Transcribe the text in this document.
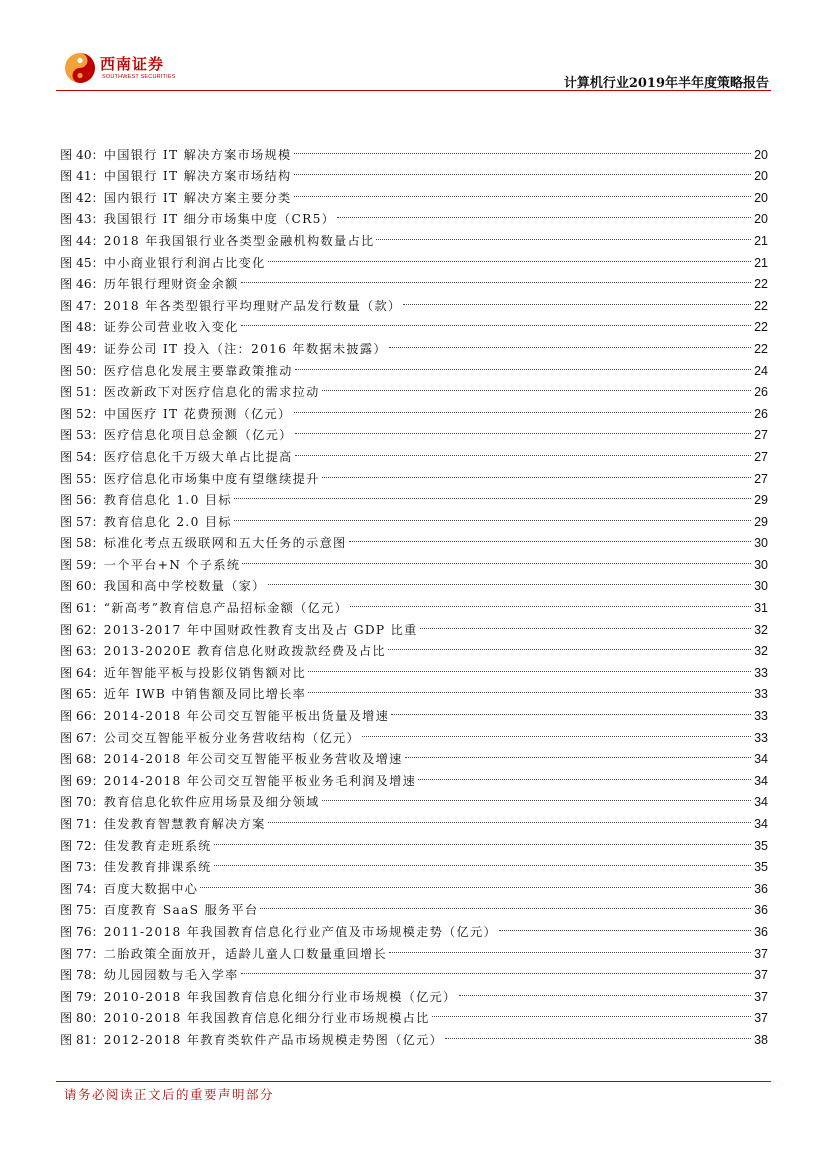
西南证券
SOUTHWEST SECURITIES	计算机行业2019年半年度策略报告
图 40： 中国银行 IT 解决方案市场规模	20
图 41： 中国银行 IT 解决方案市场结构	20
图 42： 国内银行 IT 解决方案主要分类	20
图 43： 我国银行 IT 细分市场集中度（CR5）	20
图 44： 2018 年我国银行业各类型金融机构数量占比	21
图 45： 中小商业银行利润占比变化	21
图 46： 历年银行理财资金余额	22
图 47： 2018 年各类型银行平均理财产品发行数量（款）	22
图 48： 证券公司营业收入变化	22
图 49： 证券公司 IT 投入（注：2016 年数据未披露）	22
图 50： 医疗信息化发展主要靠政策推动	24
图 51： 医改新政下对医疗信息化的需求拉动	26
图 52： 中国医疗 IT 花费预测（亿元）	26
图 53： 医疗信息化项目总金额（亿元）	27
图 54： 医疗信息化千万级大单占比提高	27
图 55： 医疗信息化市场集中度有望继续提升	27
图 56： 教育信息化 1.0 目标	29
图 57： 教育信息化 2.0 目标	29
图 58： 标准化考点五级联网和五大任务的示意图	30
图 59： 一个平台+N 个子系统	30
图 60： 我国和高中学校数量（家）	30
图 61： “新高考”教育信息产品招标金额（亿元）	31
图 62： 2013-2017 年中国财政性教育支出及占 GDP 比重	32
图 63： 2013-2020E 教育信息化财政拨款经费及占比	32
图 64： 近年智能平板与投影仪销售额对比	33
图 65： 近年 IWB 中销售额及同比增长率	33
图 66： 2014-2018 年公司交互智能平板出货量及增速	33
图 67： 公司交互智能平板分业务营收结构（亿元）	33
图 68： 2014-2018 年公司交互智能平板业务营收及增速	34
图 69： 2014-2018 年公司交互智能平板业务毛利润及增速	34
图 70： 教育信息化软件应用场景及细分领域	34
图 71： 佳发教育智慧教育解决方案	34
图 72： 佳发教育走班系统	35
图 73： 佳发教育排课系统	35
图 74： 百度大数据中心	36
图 75： 百度教育 SaaS 服务平台	36
图 76： 2011-2018 年我国教育信息化行业产值及市场规模走势（亿元）	36
图 77： 二胎政策全面放开，适龄儿童人口数量重回增长	37
图 78： 幼儿园园数与毛入学率	37
图 79： 2010-2018 年我国教育信息化细分行业市场规模（亿元）	37
图 80： 2010-2018 年我国教育信息化细分行业市场规模占比	37
图 81： 2012-2018 年教育类软件产品市场规模走势图（亿元）	38
请务必阅读正文后的重要声明部分
